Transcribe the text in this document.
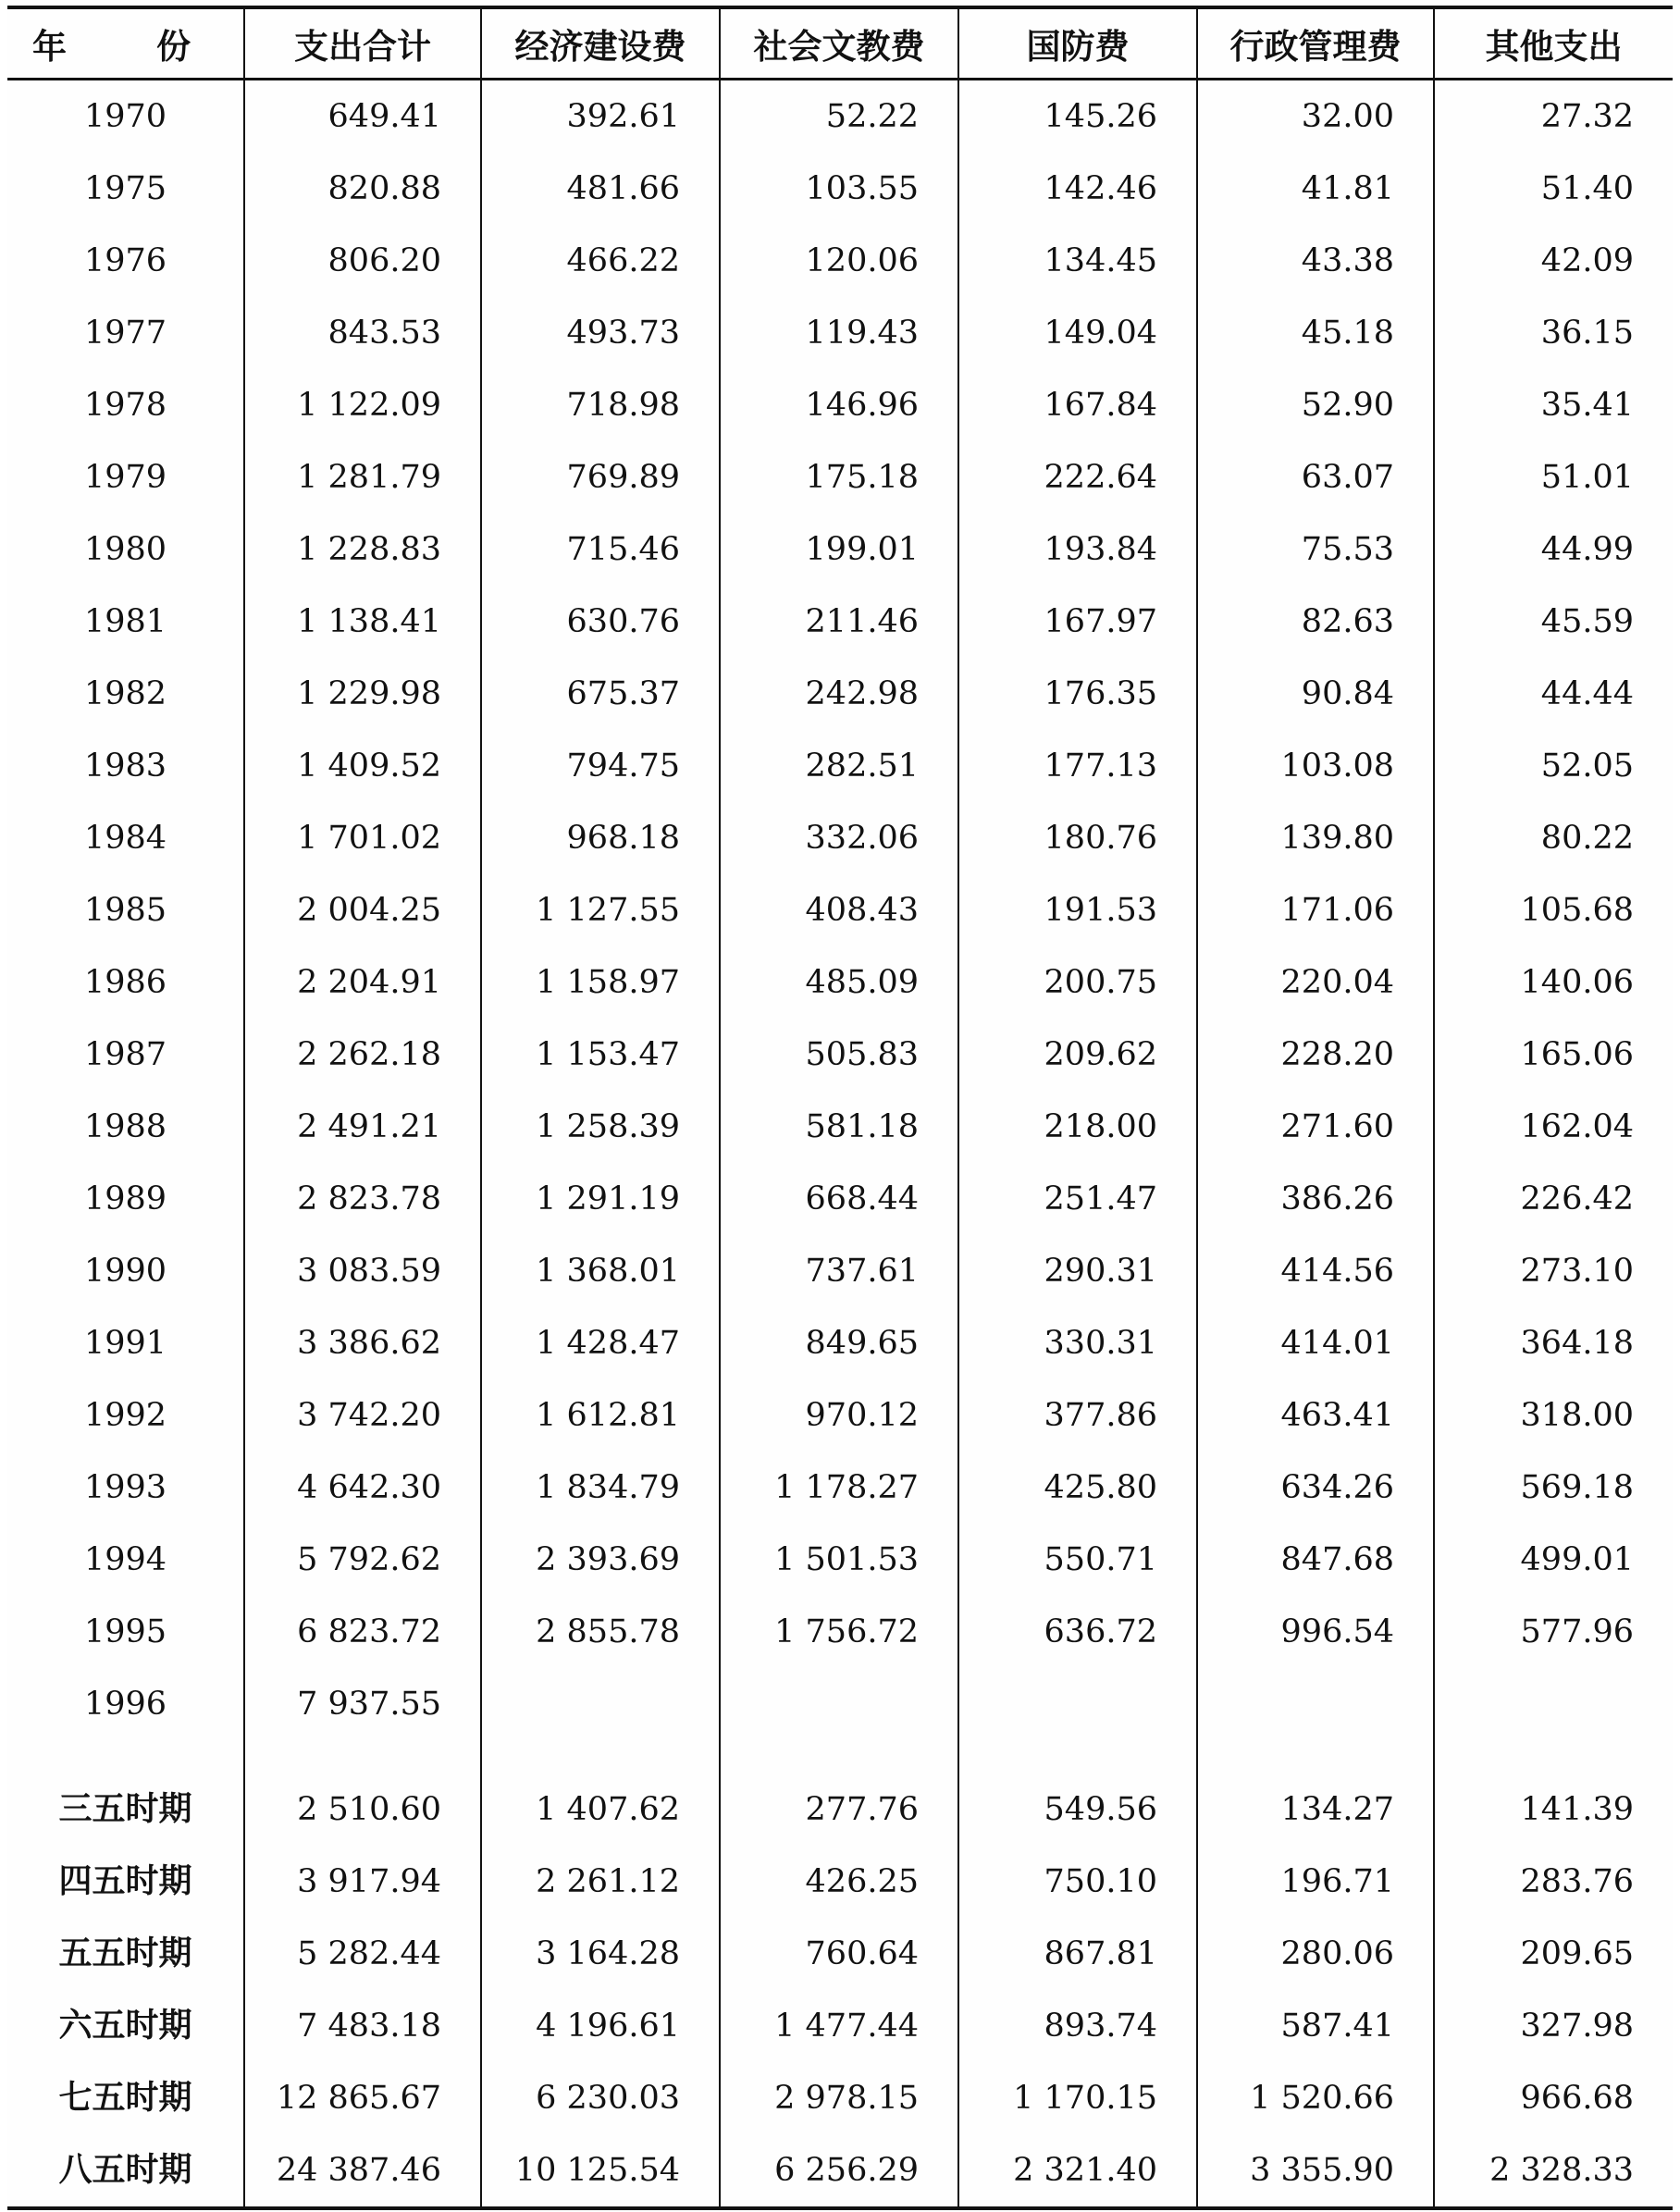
年　份	支出合计	经济建设费	社会文教费	国防费	行政管理费	其他支出
1970	649.41	392.61	52.22	145.26	32.00	27.32
1975	820.88	481.66	103.55	142.46	41.81	51.40
1976	806.20	466.22	120.06	134.45	43.38	42.09
1977	843.53	493.73	119.43	149.04	45.18	36.15
1978	1 122.09	718.98	146.96	167.84	52.90	35.41
1979	1 281.79	769.89	175.18	222.64	63.07	51.01
1980	1 228.83	715.46	199.01	193.84	75.53	44.99
1981	1 138.41	630.76	211.46	167.97	82.63	45.59
1982	1 229.98	675.37	242.98	176.35	90.84	44.44
1983	1 409.52	794.75	282.51	177.13	103.08	52.05
1984	1 701.02	968.18	332.06	180.76	139.80	80.22
1985	2 004.25	1 127.55	408.43	191.53	171.06	105.68
1986	2 204.91	1 158.97	485.09	200.75	220.04	140.06
1987	2 262.18	1 153.47	505.83	209.62	228.20	165.06
1988	2 491.21	1 258.39	581.18	218.00	271.60	162.04
1989	2 823.78	1 291.19	668.44	251.47	386.26	226.42
1990	3 083.59	1 368.01	737.61	290.31	414.56	273.10
1991	3 386.62	1 428.47	849.65	330.31	414.01	364.18
1992	3 742.20	1 612.81	970.12	377.86	463.41	318.00
1993	4 642.30	1 834.79	1 178.27	425.80	634.26	569.18
1994	5 792.62	2 393.69	1 501.53	550.71	847.68	499.01
1995	6 823.72	2 855.78	1 756.72	636.72	996.54	577.96
1996	7 937.55					

三五时期	2 510.60	1 407.62	277.76	549.56	134.27	141.39
四五时期	3 917.94	2 261.12	426.25	750.10	196.71	283.76
五五时期	5 282.44	3 164.28	760.64	867.81	280.06	209.65
六五时期	7 483.18	4 196.61	1 477.44	893.74	587.41	327.98
七五时期	12 865.67	6 230.03	2 978.15	1 170.15	1 520.66	966.68
八五时期	24 387.46	10 125.54	6 256.29	2 321.40	3 355.90	2 328.33
